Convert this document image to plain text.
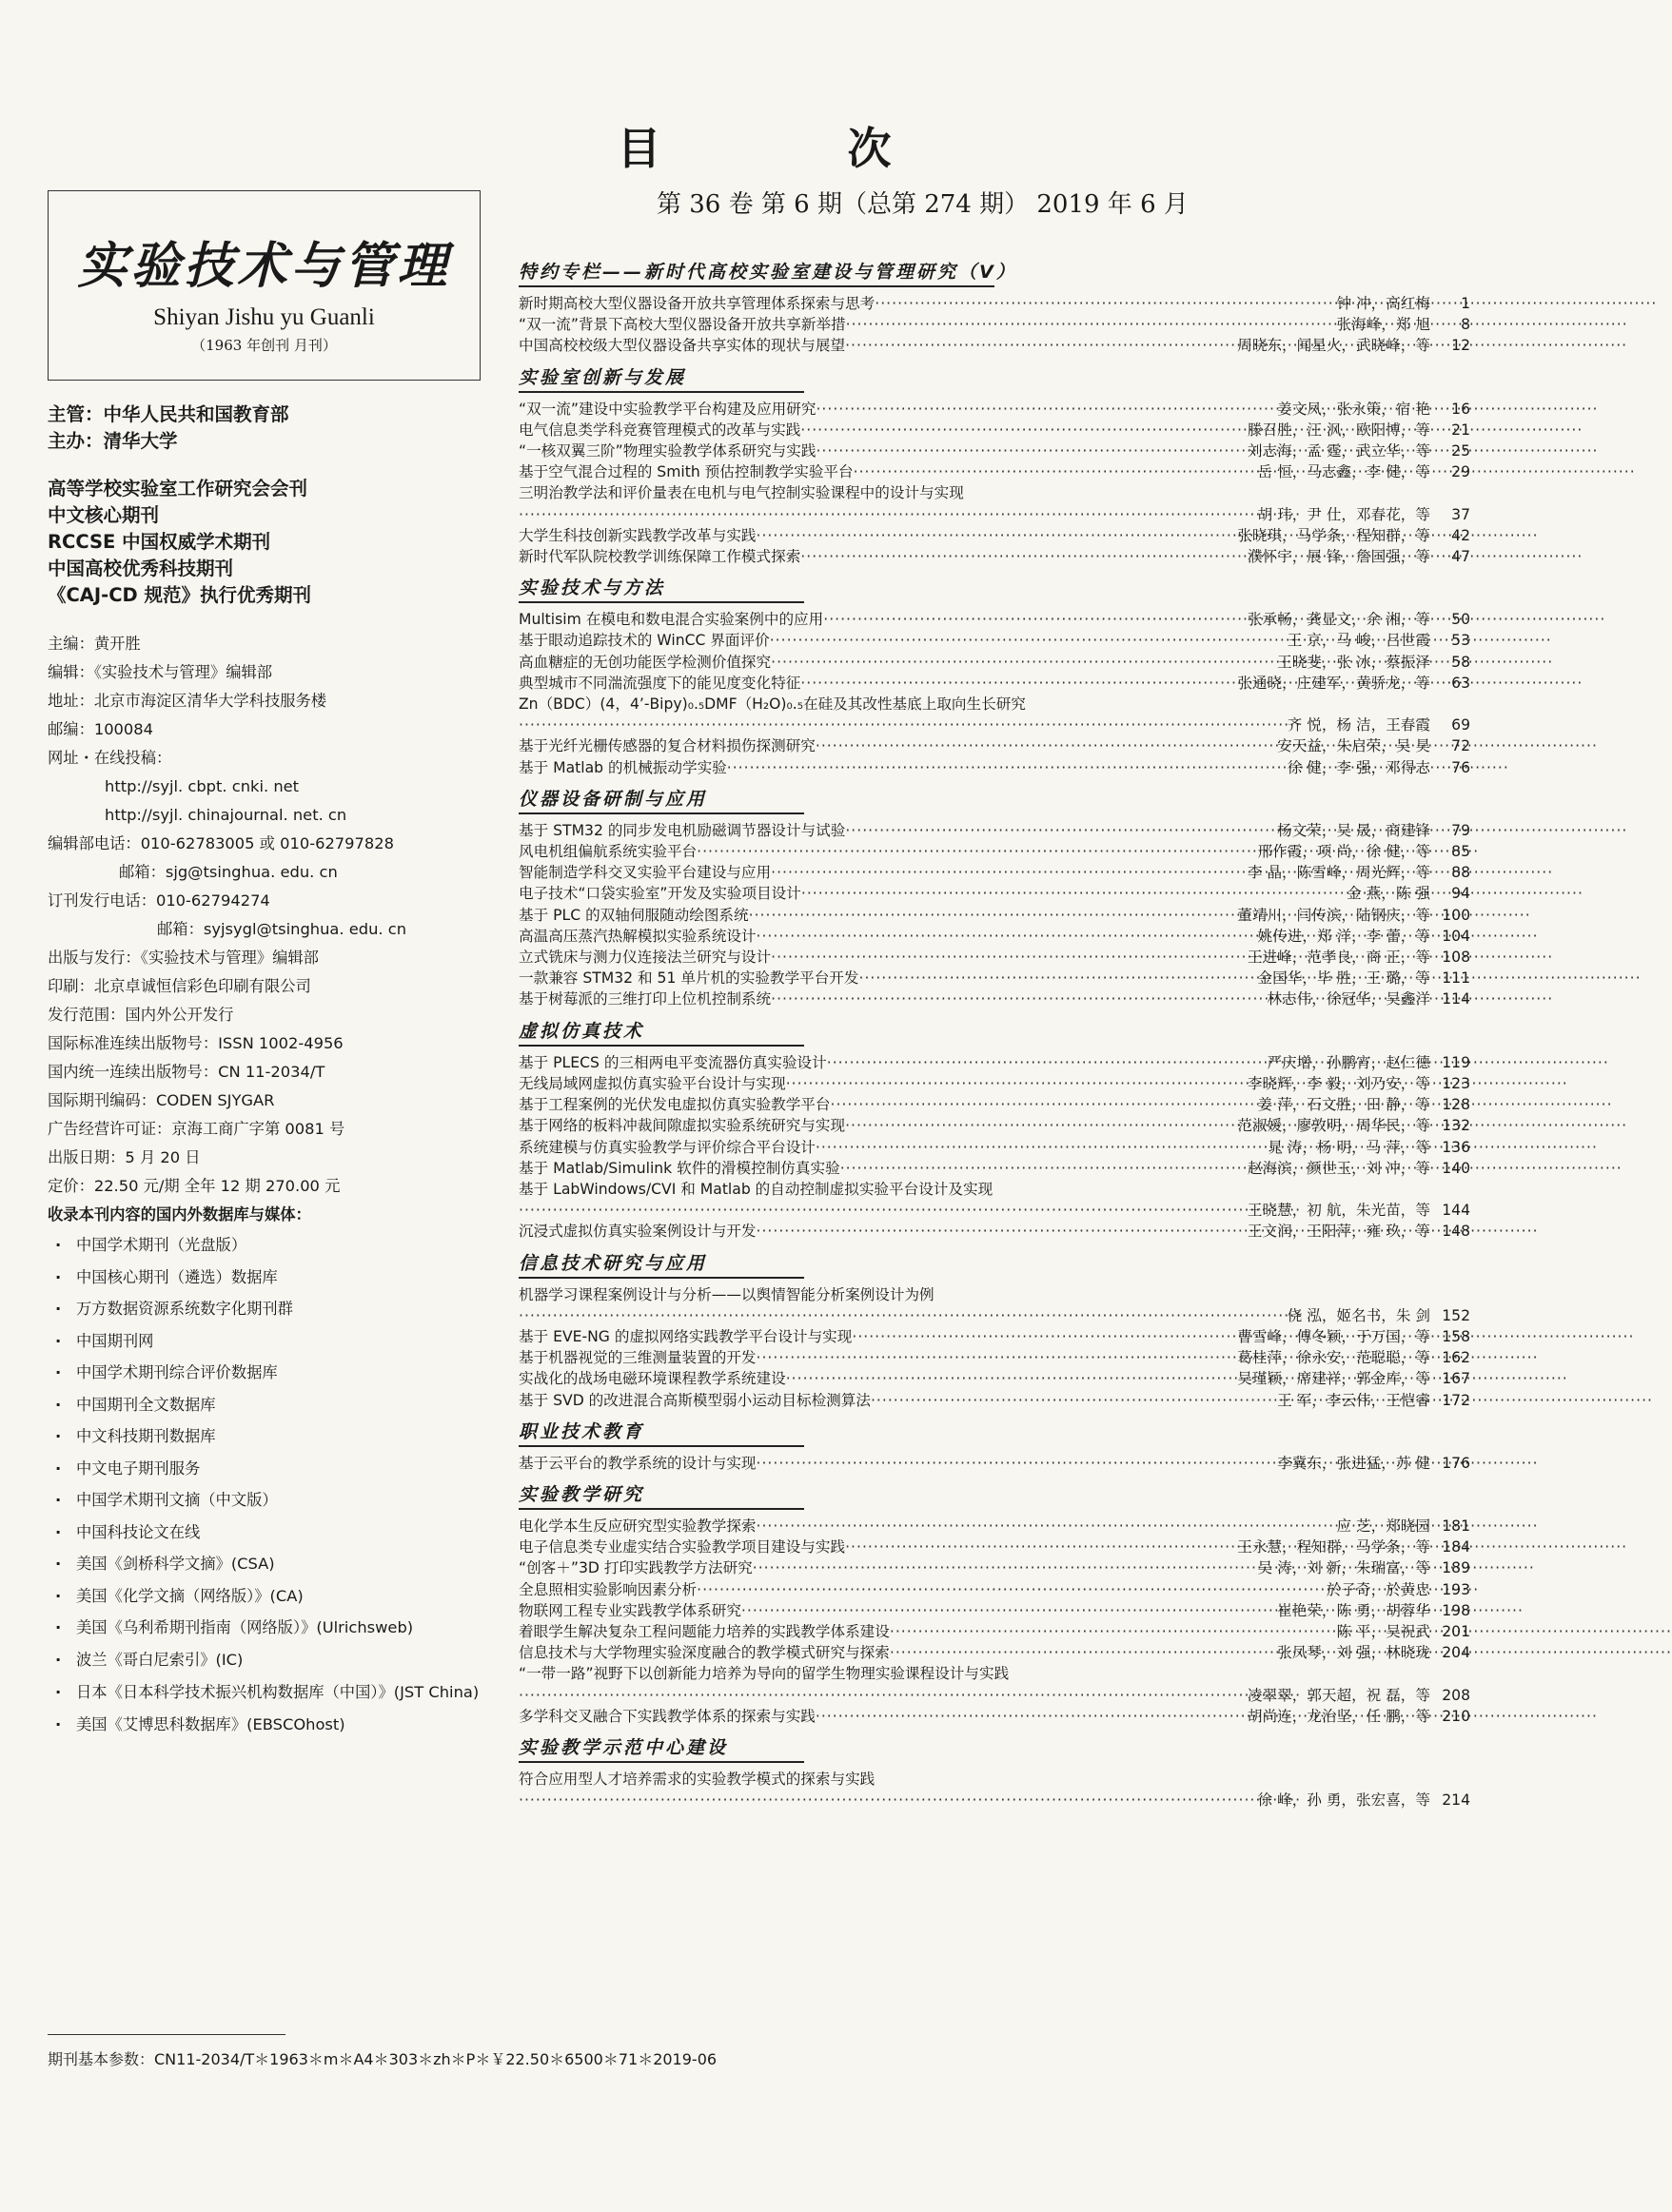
目 次
第 36 卷 第 6 期（总第 274 期） 2019 年 6 月
实验技术与管理
Shiyan Jishu yu Guanli
（1963 年创刊 月刊）
主管：中华人民共和国教育部
主办：清华大学
高等学校实验室工作研究会会刊
中文核心期刊
RCCSE 中国权威学术期刊
中国高校优秀科技期刊
《CAJ-CD 规范》执行优秀期刊
主编：黄开胜
编辑：《实验技术与管理》编辑部
地址：北京市海淀区清华大学科技服务楼
邮编：100084
网址・在线投稿：
http://syjl. cbpt. cnki. net
http://syjl. chinajournal. net. cn
编辑部电话：010-62783005 或 010-62797828
邮箱：sjg@tsinghua. edu. cn
订刊发行电话：010-62794274
邮箱：syjsygl@tsinghua. edu. cn
出版与发行：《实验技术与管理》编辑部
印刷：北京卓诚恒信彩色印刷有限公司
发行范围：国内外公开发行
国际标准连续出版物号：ISSN 1002-4956
国内统一连续出版物号：CN 11-2034/T
国际期刊编码：CODEN SJYGAR
广告经营许可证：京海工商广字第 0081 号
出版日期：5 月 20 日
定价：22.50 元/期 全年 12 期 270.00 元
收录本刊内容的国内外数据库与媒体：
· 中国学术期刊（光盘版）
· 中国核心期刊（遴选）数据库
· 万方数据资源系统数字化期刊群
· 中国期刊网
· 中国学术期刊综合评价数据库
· 中国期刊全文数据库
· 中文科技期刊数据库
· 中文电子期刊服务
· 中国学术期刊文摘（中文版）
· 中国科技论文在线
· 美国《剑桥科学文摘》(CSA)
· 美国《化学文摘（网络版）》(CA)
· 美国《乌利希期刊指南（网络版）》(Ulrichsweb)
· 波兰《哥白尼索引》(IC)
· 日本《日本科学技术振兴机构数据库（中国）》(JST China)
· 美国《艾博思科数据库》(EBSCOhost)
期刊基本参数：CN11-2034/T＊1963＊m＊A4＊303＊zh＊P＊￥22.50＊6500＊71＊2019-06
特约专栏——新时代高校实验室建设与管理研究（V）
新时期高校大型仪器设备开放共享管理体系探索与思考 ·····	钟 冲，高红梅	1
“双一流”背景下高校大型仪器设备开放共享新举措 ·····	张海峰，郑 旭	8
中国高校校级大型仪器设备共享实体的现状与展望 ·····	周晓东，闻星火，武晓峰，等	12
实验室创新与发展
“双一流”建设中实验教学平台构建及应用研究 ·····	姜文凤，张永策，宿 艳	16
电气信息类学科竞赛管理模式的改革与实践 ·····	滕召胜，汪 沨，欧阳博，等	21
“一核双翼三阶”物理实验教学体系研究与实践 ·····	刘志海，孟 霆，武立华，等	25
基于空气混合过程的 Smith 预估控制教学实验平台 ·····	岳 恒，马志鑫，李 健，等	29
三明治教学法和评价量表在电机与电气控制实验课程中的设计与实现
·····
胡 玮，尹 仕，邓春花，等	37
大学生科技创新实践教学改革与实践 ·····	张晓琪，马学条，程知群，等	42
新时代军队院校教学训练保障工作模式探索 ·····	濮怀宇，展 锋，詹国强，等	47
实验技术与方法
Multisim 在模电和数电混合实验案例中的应用 ·····	张承畅，龚显文，余 湘，等	50
基于眼动追踪技术的 WinCC 界面评价 ·····	王 京，马 峻，吕世霞	53
高血糖症的无创功能医学检测价值探究 ·····	王晓斐，张 冰，蔡振泽	58
典型城市不同湍流强度下的能见度变化特征 ·····	张通晓，庄建军，黄骄龙，等	63
Zn（BDC）(4，4’-Bipy)₀.₅DMF（H₂O)₀.₅在硅及其改性基底上取向生长研究
·····
齐 悦，杨 洁，王春霞	69
基于光纤光栅传感器的复合材料损伤探测研究 ·····	安天益，朱启荣，吴 昊	72
基于 Matlab 的机械振动学实验 ·····	徐 健，李 强，邓得志	76
仪器设备研制与应用
基于 STM32 的同步发电机励磁调节器设计与试验 ·····	杨文荣，吴 晟，商建锋	79
风电机组偏航系统实验平台 ·····	邢作霞，项 尚，徐 健，等	85
智能制造学科交叉实验平台建设与应用 ·····	李 晶，陈雪峰，周光辉，等	88
电子技术“口袋实验室”开发及实验项目设计 ·····	金 燕，陈 强	94
基于 PLC 的双轴伺服随动绘图系统 ·····	董靖川，闫传滨，陆钢庆，等 100
高温高压蒸汽热解模拟实验系统设计 ·····	姚传进，郑 洋，李 蕾，等 104
立式铣床与测力仪连接法兰研究与设计 ·····	王进峰，范孝良，商 正，等 108
一款兼容 STM32 和 51 单片机的实验教学平台开发 ·····	金国华，毕 胜，王 璐，等 111
基于树莓派的三维打印上位机控制系统 ·····	林志伟，徐冠华，吴鑫洋 114
虚拟仿真技术
基于 PLECS 的三相两电平变流器仿真实验设计 ·····	严庆增，孙鹏宵，赵仁德 119
无线局域网虚拟仿真实验平台设计与实现 ·····	李晓辉，李 毅，刘乃安，等 123
基于工程案例的光伏发电虚拟仿真实验教学平台 ·····	姜 萍，石文胜，田 静，等 128
基于网络的板料冲裁间隙虚拟实验系统研究与实现 ·····	范淑媛，廖敦明，周华民，等 132
系统建模与仿真实验教学与评价综合平台设计 ·····	晁 涛，杨 明，马 萍，等 136
基于 Matlab/Simulink 软件的滑模控制仿真实验 ·····	赵海滨，颜世玉，刘 冲，等 140
基于 LabWindows/CVI 和 Matlab 的自动控制虚拟实验平台设计及实现
·····
王晓慧，初 航，朱光苗，等 144
沉浸式虚拟仿真实验案例设计与开发 ·····	王文润，王阳萍，雍 玖，等 148
信息技术研究与应用
机器学习课程案例设计与分析——以舆情智能分析案例设计为例
·····
侥 泓，姬名书，朱 剑 152
基于 EVE-NG 的虚拟网络实践教学平台设计与实现 ·····	曹雪峰，傅冬颖，于万国，等 158
基于机器视觉的三维测量装置的开发 ·····	葛桂萍，徐永安，范聪聪，等 162
实战化的战场电磁环境课程教学系统建设 ·····	吴瑾颖，席建祥，郭金库，等 167
基于 SVD 的改进混合高斯模型弱小运动目标检测算法 ·····	王 军，李云伟，王恺睿 172
职业技术教育
基于云平台的教学系统的设计与实现 ·····	李冀东，张进猛，苏 健 176
实验教学研究
电化学本生反应研究型实验教学探索 ·····	应 芝，郑晓园 181
电子信息类专业虚实结合实验教学项目建设与实践 ·····	王永慧，程知群，马学条，等 184
“创客＋”3D 打印实践教学方法研究 ·····	吴 涛，刘 新，朱瑞富，等 189
全息照相实验影响因素分析 ·····	於子奇，於黄忠 193
物联网工程专业实践教学体系研究 ·····	崔艳荣，陈 勇，胡蓉华 198
着眼学生解决复杂工程问题能力培养的实践教学体系建设 ·····	陈 平，吴祝武 201
信息技术与大学物理实验深度融合的教学模式研究与探索 ·····	张凤琴，刘 强，林晓珑 204
“一带一路”视野下以创新能力培养为导向的留学生物理实验课程设计与实践
·····
凌翠翠，郭天超，祝 磊，等 208
多学科交叉融合下实践教学体系的探索与实践 ·····	胡尚连，龙治坚，任 鹏，等 210
实验教学示范中心建设
符合应用型人才培养需求的实验教学模式的探索与实践
·····
徐 峰，孙 勇，张宏喜，等 214
